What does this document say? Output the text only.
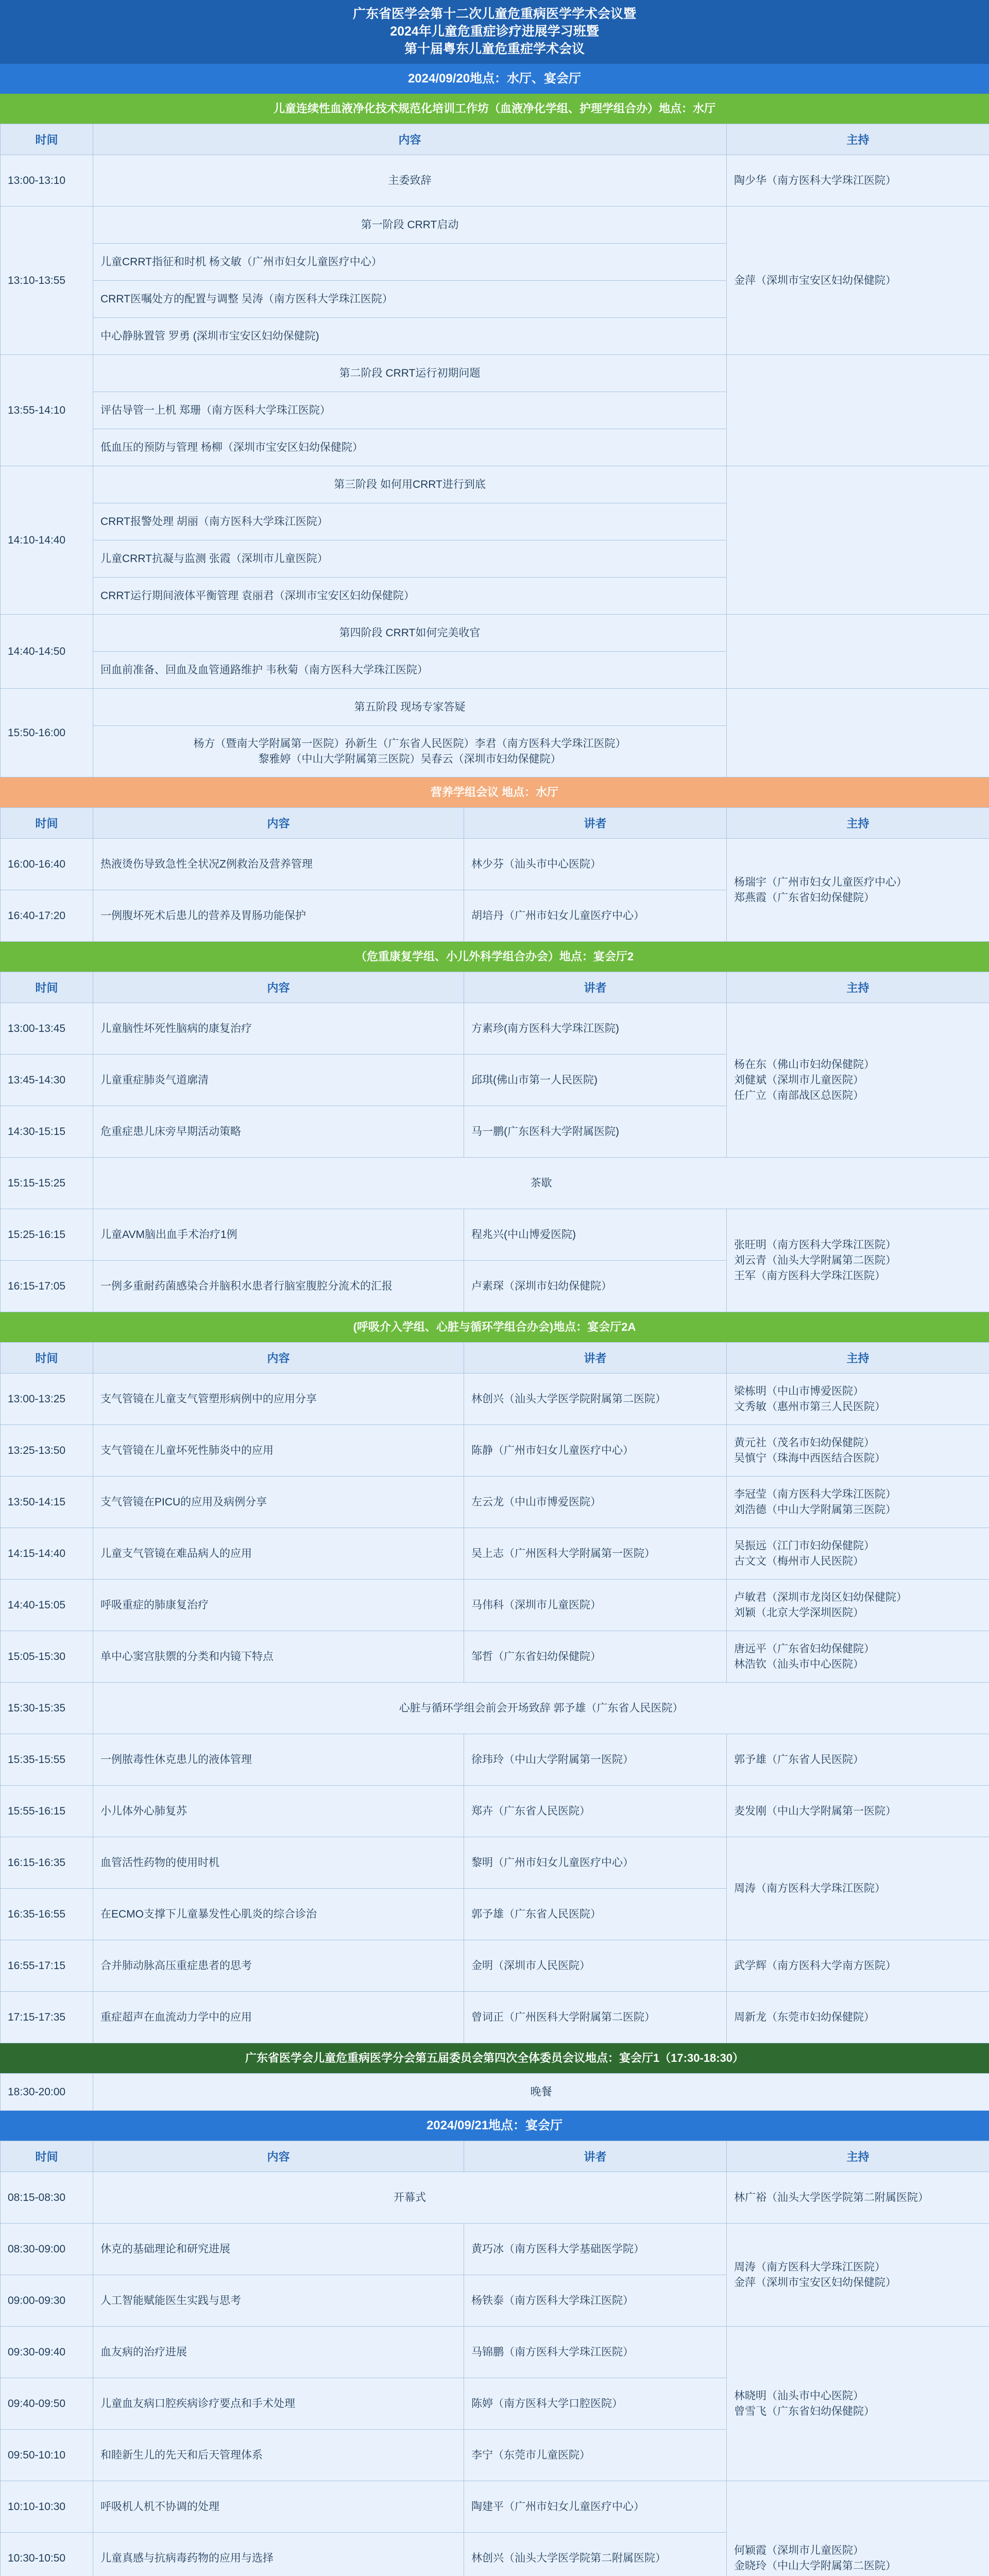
广东省医学会第十二次儿童危重病医学学术会议暨
2024年儿童危重症诊疗进展学习班暨
第十届粤东儿童危重症学术会议
2024/09/20地点：水厅、宴会厅
儿童连续性血液净化技术规范化培训工作坊（血液净化学组、护理学组合办）地点：水厅
时间	内容	主持
13:00-13:10	主委致辞	陶少华（南方医科大学珠江医院）
13:10-13:55	第一阶段 CRRT启动	金萍（深圳市宝安区妇幼保健院）
	儿童CRRT指征和时机 杨文敏（广州市妇女儿童医疗中心）	
	CRRT医嘱处方的配置与调整 吴涛（南方医科大学珠江医院）	
	中心静脉置管 罗勇 (深圳市宝安区妇幼保健院)	
13:55-14:10	第二阶段 CRRT运行初期问题	
	评估导管一上机 郑珊（南方医科大学珠江医院）	
	低血压的预防与管理 杨柳（深圳市宝安区妇幼保健院）	
14:10-14:40	第三阶段 如何用CRRT进行到底	
	CRRT报警处理 胡丽（南方医科大学珠江医院）	
	儿童CRRT抗凝与监测 张霞（深圳市儿童医院）	
	CRRT运行期间液体平衡管理 袁丽君（深圳市宝安区妇幼保健院）	
14:40-14:50	第四阶段 CRRT如何完美收官	
	回血前准备、回血及血管通路维护 韦秋菊（南方医科大学珠江医院）	
15:50-16:00	第五阶段 现场专家答疑	

	杨方（暨南大学附属第一医院）孙新生（广东省人民医院）李君（南方医科大学珠江医院）
黎雅婷（中山大学附属第三医院）吴春云（深圳市妇幼保健院）	
营养学组会议 地点：水厅
时间	内容	讲者	主持
16:00-16:40	热液烫伤导致急性全状况Z例救治及营养管理	林少芬（汕头市中心医院）	杨瑞宇（广州市妇女儿童医疗中心）
郑燕霞（广东省妇幼保健院）

16:40-17:20	一例腹坏死术后患儿的营养及胃肠功能保护	胡培丹（广州市妇女儿童医疗中心）	
（危重康复学组、小儿外科学组合办会）地点：宴会厅2
时间	内容	讲者	主持
13:00-13:45	儿童脑性坏死性脑病的康复治疗	方素珍(南方医科大学珠江医院)	杨在东（佛山市妇幼保健院）
刘健斌（深圳市儿童医院）
任广立（南部战区总医院）

13:45-14:30	儿童重症肺炎气道廓清	邱琪(佛山市第一人民医院)	
14:30-15:15	危重症患儿床旁早期活动策略	马一鹏(广东医科大学附属医院)	
15:15-15:25	茶歇		
15:25-16:15	儿童AVM脑出血手术治疗1例	程兆兴(中山博爱医院)	张旺明（南方医科大学珠江医院）
刘云青（汕头大学附属第二医院）
王军（南方医科大学珠江医院）

16:15-17:05	一例多重耐药菌感染合并脑积水患者行脑室腹腔分流术的汇报	卢素琛（深圳市妇幼保健院）	
(呼吸介入学组、心脏与循环学组合办会)地点：宴会厅2A
时间	内容	讲者	主持
13:00-13:25	支气管镜在儿童支气管塑形病例中的应用分享	林创兴（汕头大学医学院附属第二医院）	梁栋明（中山市博爱医院）
文秀敏（惠州市第三人民医院）

13:25-13:50	支气管镜在儿童坏死性肺炎中的应用	陈静（广州市妇女儿童医疗中心）	黄元社（茂名市妇幼保健院）
吴慎宁（珠海中西医结合医院）

13:50-14:15	支气管镜在PICU的应用及病例分享	左云龙（中山市博爱医院）	李冠莹（南方医科大学珠江医院）
刘浩德（中山大学附属第三医院）

14:15-14:40	儿童支气管镜在难品病人的应用	吴上志（广州医科大学附属第一医院）	吴振远（江门市妇幼保健院）
古文文（梅州市人民医院）

14:40-15:05	呼吸重症的肺康复治疗	马伟科（深圳市儿童医院）	卢敏君（深圳市龙岗区妇幼保健院）
刘颖（北京大学深圳医院）

15:05-15:30	单中心窦宫肤禦的分类和内镜下特点	邹哲（广东省妇幼保健院）	唐远平（广东省妇幼保健院）
林浩钦（汕头市中心医院）

15:30-15:35	心脏与循环学组会前会开场致辞 郭予雄（广东省人民医院）		
15:35-15:55	一例脓毒性休克患儿的液体管理	徐玮玲（中山大学附属第一医院）	郭予雄（广东省人民医院）
15:55-16:15	小儿体外心肺复苏	郑卉（广东省人民医院）	麦发刚（中山大学附属第一医院）
16:15-16:35	血管活性药物的使用时机	黎明（广州市妇女儿童医疗中心）	周涛（南方医科大学珠江医院）
16:35-16:55	在ECMO支撑下儿童暴发性心肌炎的综合诊治	郭予雄（广东省人民医院）	
16:55-17:15	合并肺动脉高压重症患者的思考	金明（深圳市人民医院）	武学辉（南方医科大学南方医院）
17:15-17:35	重症超声在血流动力学中的应用	曾词正（广州医科大学附属第二医院）	周新龙（东莞市妇幼保健院）
广东省医学会儿童危重病医学分会第五届委员会第四次全体委员会议地点：宴会厅1（17:30-18:30）
18:30-20:00	晚餐
2024/09/21地点：宴会厅
时间	内容	讲者	主持
08:15-08:30	开幕式		林广裕（汕头大学医学院第二附属医院）
08:30-09:00	休克的基础理论和研究进展	黄巧冰（南方医科大学基础医学院）	周涛（南方医科大学珠江医院）
金萍（深圳市宝安区妇幼保健院）

09:00-09:30	人工智能赋能医生实践与思考	杨铁泰（南方医科大学珠江医院）	
09:30-09:40	血友病的治疗进展	马锦鹏（南方医科大学珠江医院）	林晓明（汕头市中心医院）
曾雪飞（广东省妇幼保健院）

09:40-09:50	儿童血友病口腔疾病诊疗要点和手术处理	陈婷（南方医科大学口腔医院）	
09:50-10:10	和睦新生儿的先天和后天管理体系	李宁（东莞市儿童医院）	
10:10-10:30	呼吸机人机不协调的处理	陶建平（广州市妇女儿童医疗中心）	何颖霞（深圳市儿童医院）
金晓玲（中山大学附属第二医院）

10:30-10:50	儿童真感与抗病毒药物的应用与选择	林创兴（汕头大学医学院第二附属医院）	
